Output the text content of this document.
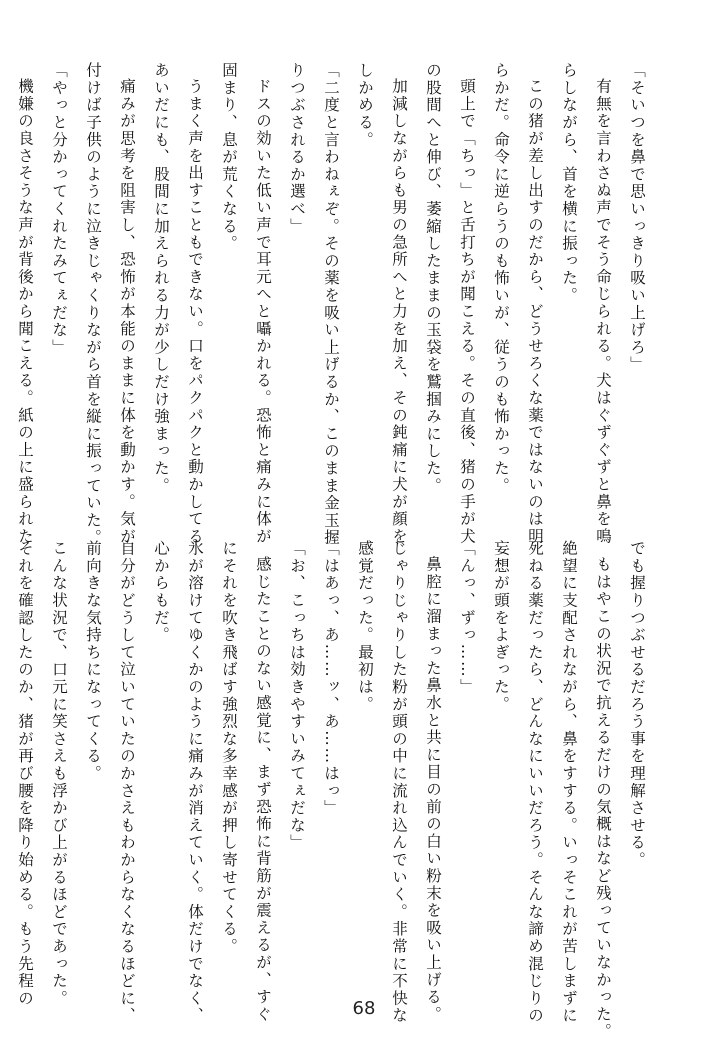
「そいつを鼻で思いっきり吸い上げろ」
有無を言わさぬ声でそう命じられる。犬はぐずぐずと鼻を鳴
らしながら、首を横に振った。
この猪が差し出すのだから、どうせろくな薬ではないのは明
らかだ。命令に逆らうのも怖いが、従うのも怖かった。
頭上で「ちっ」と舌打ちが聞こえる。その直後、猪の手が犬
の股間へと伸び、萎縮したままの玉袋を鷲掴みにした。
加減しながらも男の急所へと力を加え、その鈍痛に犬が顔を
しかめる。
「二度と言わねぇぞ。その薬を吸い上げるか、このまま金玉握
りつぶされるか選べ」
ドスの効いた低い声で耳元へと囁かれる。恐怖と痛みに体が
固まり、息が荒くなる。
うまく声を出すこともできない。口をパクパクと動かしてる
あいだにも、股間に加えられる力が少しだけ強まった。
痛みが思考を阻害し、恐怖が本能のままに体を動かす。気が
付けば子供のように泣きじゃくりながら首を縦に振っていた。
「やっと分かってくれたみてぇだな」
機嫌の良さそうな声が背後から聞こえる。紙の上に盛られた
でも握りつぶせるだろう事を理解させる。
もはやこの状況で抗えるだけの気概はなど残っていなかった。
絶望に支配されながら、鼻をすする。いっそこれが苦しまずに
死ねる薬だったら、どんなにいいだろう。そんな諦め混じりの
妄想が頭をよぎった。
「んっ、ずっ……」
鼻腔に溜まった鼻水と共に目の前の白い粉末を吸い上げる。
じゃりじゃりした粉が頭の中に流れ込んでいく。非常に不快な
感覚だった。最初は。
「はあっ、あ……ッ、あ……はっ」
「お、こっちは効きやすいみてぇだな」
感じたことのない感覚に、まず恐怖に背筋が震えるが、すぐ
にそれを吹き飛ばす強烈な多幸感が押し寄せてくる。
氷が溶けてゆくかのように痛みが消えていく。体だけでなく、
心からもだ。
自分がどうして泣いていたのかさえもわからなくなるほどに、
前向きな気持ちになってくる。
こんな状況で、口元に笑さえも浮かび上がるほどであった。
それを確認したのか、猪が再び腰を降り始める。もう先程の
68
